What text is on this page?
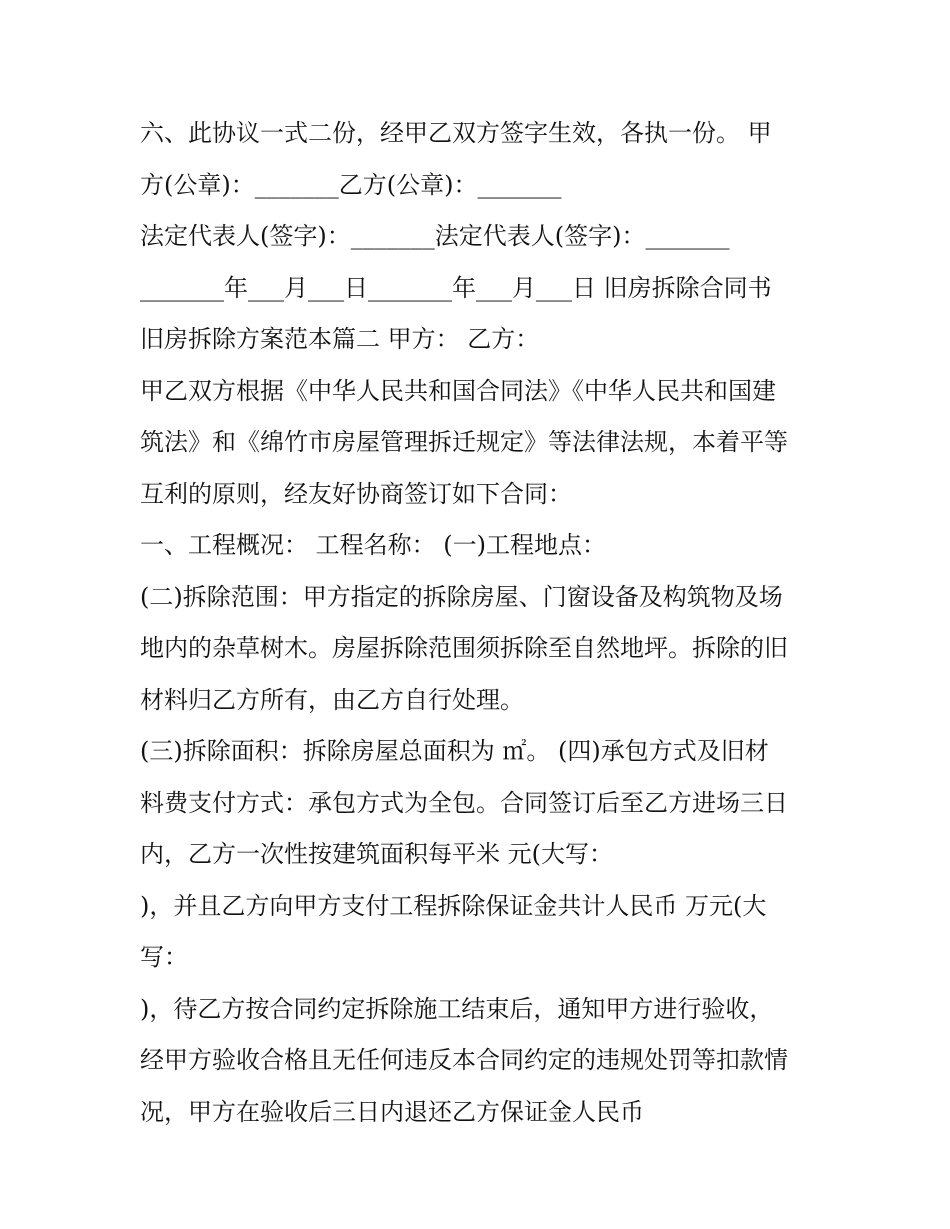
六、此协议一式二份，经甲乙双方签字生效，各执一份。 甲
方(公章)：_______乙方(公章)：_______
法定代表人(签字)：_______法定代表人(签字)：_______
_______年___月___日_______年___月___日 旧房拆除合同书
旧房拆除方案范本篇二 甲方： 乙方：
甲乙双方根据《中华人民共和国合同法》《中华人民共和国建
筑法》和《绵竹市房屋管理拆迁规定》等法律法规，本着平等
互利的原则，经友好协商签订如下合同：
一、工程概况： 工程名称： (一)工程地点：
(二)拆除范围：甲方指定的拆除房屋、门窗设备及构筑物及场
地内的杂草树木。房屋拆除范围须拆除至自然地坪。拆除的旧
材料归乙方所有，由乙方自行处理。
(三)拆除面积：拆除房屋总面积为 ㎡。 (四)承包方式及旧材
料费支付方式：承包方式为全包。合同签订后至乙方进场三日
内，乙方一次性按建筑面积每平米 元(大写：
)，并且乙方向甲方支付工程拆除保证金共计人民币 万元(大
写：
)，待乙方按合同约定拆除施工结束后，通知甲方进行验收，
经甲方验收合格且无任何违反本合同约定的违规处罚等扣款情
况，甲方在验收后三日内退还乙方保证金人民币
